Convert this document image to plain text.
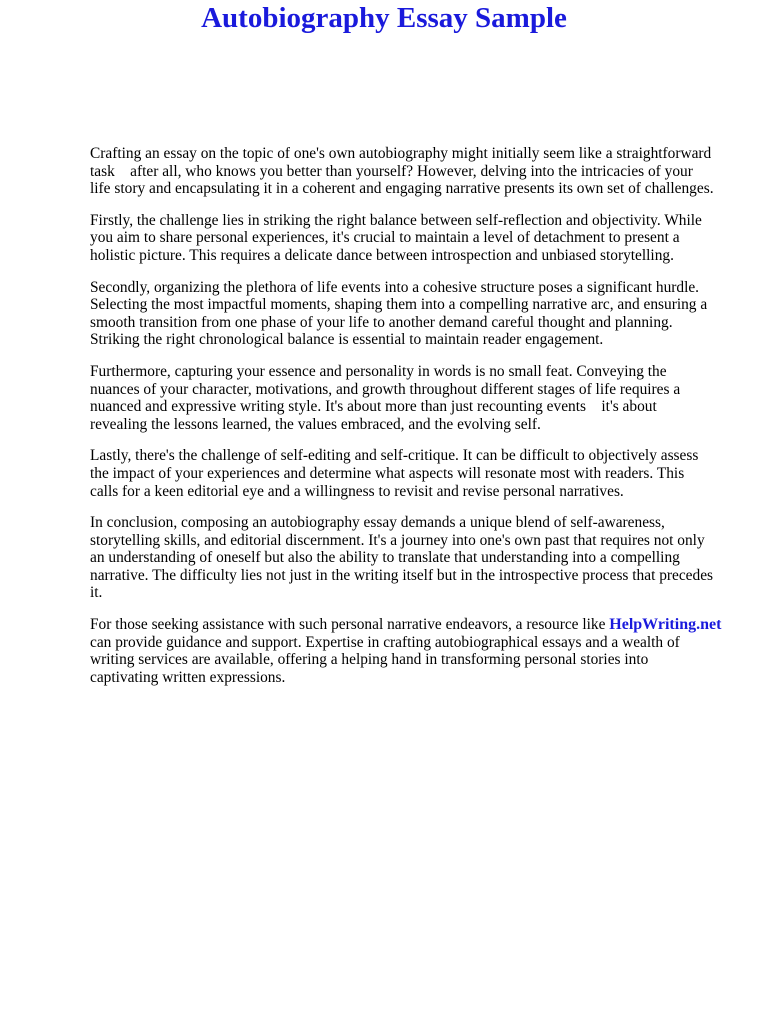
Autobiography Essay Sample

Crafting an essay on the topic of one's own autobiography might initially seem like a straightforward
task    after all, who knows you better than yourself? However, delving into the intricacies of your
life story and encapsulating it in a coherent and engaging narrative presents its own set of challenges.

Firstly, the challenge lies in striking the right balance between self-reflection and objectivity. While
you aim to share personal experiences, it's crucial to maintain a level of detachment to present a
holistic picture. This requires a delicate dance between introspection and unbiased storytelling.

Secondly, organizing the plethora of life events into a cohesive structure poses a significant hurdle.
Selecting the most impactful moments, shaping them into a compelling narrative arc, and ensuring a
smooth transition from one phase of your life to another demand careful thought and planning.
Striking the right chronological balance is essential to maintain reader engagement.

Furthermore, capturing your essence and personality in words is no small feat. Conveying the
nuances of your character, motivations, and growth throughout different stages of life requires a
nuanced and expressive writing style. It's about more than just recounting events    it's about
revealing the lessons learned, the values embraced, and the evolving self.

Lastly, there's the challenge of self-editing and self-critique. It can be difficult to objectively assess
the impact of your experiences and determine what aspects will resonate most with readers. This
calls for a keen editorial eye and a willingness to revisit and revise personal narratives.

In conclusion, composing an autobiography essay demands a unique blend of self-awareness,
storytelling skills, and editorial discernment. It's a journey into one's own past that requires not only
an understanding of oneself but also the ability to translate that understanding into a compelling
narrative. The difficulty lies not just in the writing itself but in the introspective process that precedes
it.

For those seeking assistance with such personal narrative endeavors, a resource like HelpWriting.net
can provide guidance and support. Expertise in crafting autobiographical essays and a wealth of
writing services are available, offering a helping hand in transforming personal stories into
captivating written expressions.
